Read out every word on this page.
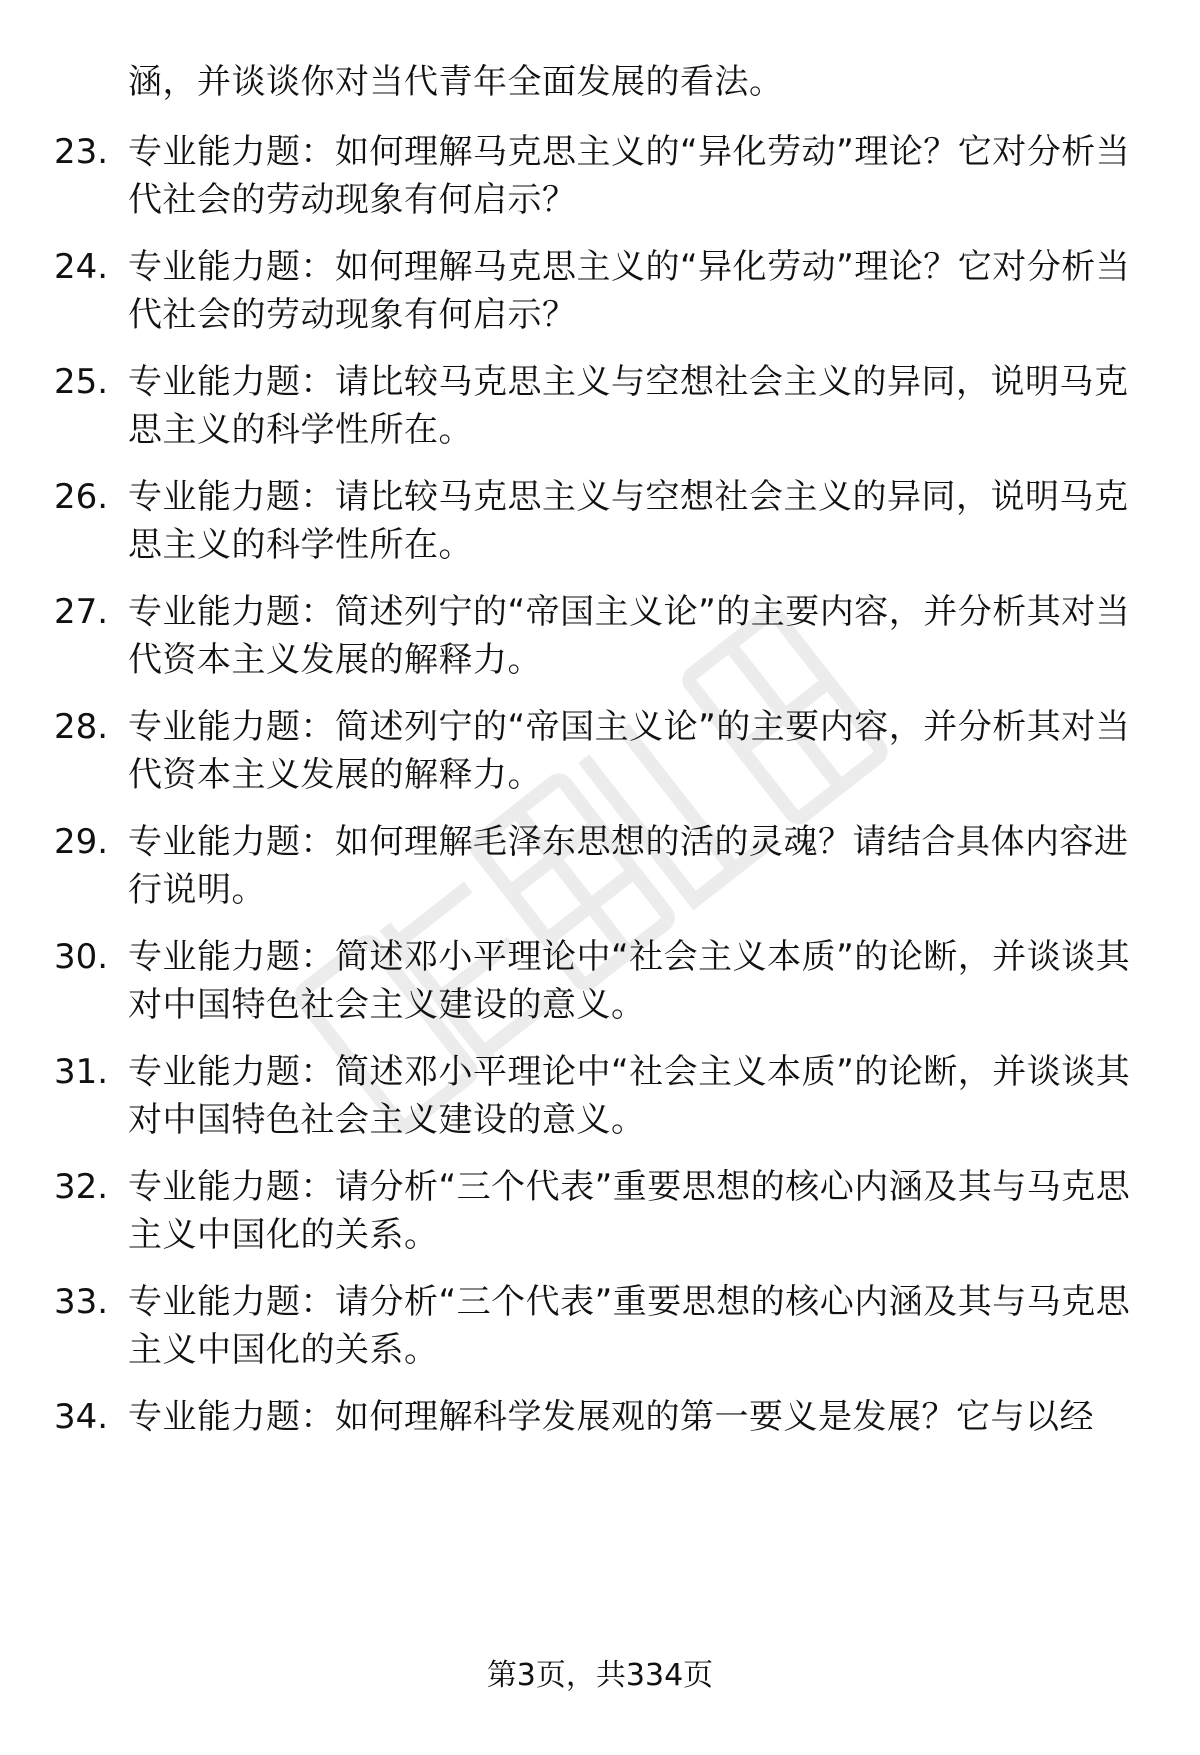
涵，并谈谈你对当代青年全面发展的看法。
23. 专业能力题：如何理解马克思主义的“异化劳动”理论？它对分析当代社会的劳动现象有何启示？
24. 专业能力题：如何理解马克思主义的“异化劳动”理论？它对分析当代社会的劳动现象有何启示？
25. 专业能力题：请比较马克思主义与空想社会主义的异同，说明马克思主义的科学性所在。
26. 专业能力题：请比较马克思主义与空想社会主义的异同，说明马克思主义的科学性所在。
27. 专业能力题：简述列宁的“帝国主义论”的主要内容，并分析其对当代资本主义发展的解释力。
28. 专业能力题：简述列宁的“帝国主义论”的主要内容，并分析其对当代资本主义发展的解释力。
29. 专业能力题：如何理解毛泽东思想的活的灵魂？请结合具体内容进行说明。
30. 专业能力题：简述邓小平理论中“社会主义本质”的论断，并谈谈其对中国特色社会主义建设的意义。
31. 专业能力题：简述邓小平理论中“社会主义本质”的论断，并谈谈其对中国特色社会主义建设的意义。
32. 专业能力题：请分析“三个代表”重要思想的核心内涵及其与马克思主义中国化的关系。
33. 专业能力题：请分析“三个代表”重要思想的核心内涵及其与马克思主义中国化的关系。
34. 专业能力题：如何理解科学发展观的第一要义是发展？它与以经
第3页，共334页
